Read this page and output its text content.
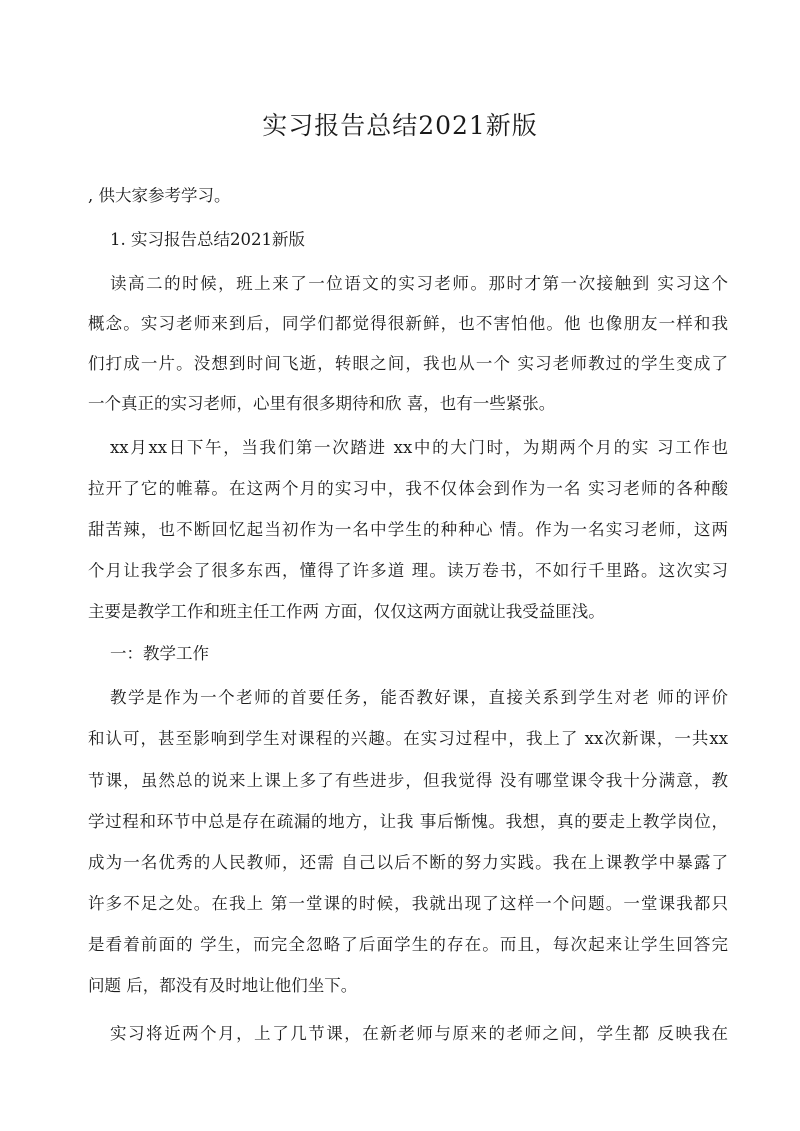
实习报告总结2021新版

, 供大家参考学习。

1. 实习报告总结2021新版

读高二的时候，班上来了一位语文的实习老师。那时才第一次接触到 实习这个

概念。实习老师来到后，同学们都觉得很新鲜，也不害怕他。他 也像朋友一样和我

们打成一片。没想到时间飞逝，转眼之间，我也从一个 实习老师教过的学生变成了

一个真正的实习老师，心里有很多期待和欣 喜，也有一些紧张。

xx月xx日下午，当我们第一次踏进 xx中的大门时，为期两个月的实 习工作也

拉开了它的帷幕。在这两个月的实习中，我不仅体会到作为一名 实习老师的各种酸

甜苦辣，也不断回忆起当初作为一名中学生的种种心 情。作为一名实习老师，这两

个月让我学会了很多东西，懂得了许多道 理。读万卷书，不如行千里路。这次实习

主要是教学工作和班主任工作两 方面，仅仅这两方面就让我受益匪浅。

一：教学工作

教学是作为一个老师的首要任务，能否教好课，直接关系到学生对老 师的评价

和认可，甚至影响到学生对课程的兴趣。在实习过程中，我上了 xx次新课，一共xx

节课，虽然总的说来上课上多了有些进步，但我觉得 没有哪堂课令我十分满意，教

学过程和环节中总是存在疏漏的地方，让我 事后惭愧。我想，真的要走上教学岗位，

成为一名优秀的人民教师，还需 自己以后不断的努力实践。我在上课教学中暴露了

许多不足之处。在我上 第一堂课的时候，我就出现了这样一个问题。一堂课我都只

是看着前面的 学生，而完全忽略了后面学生的存在。而且，每次起来让学生回答完

问题 后，都没有及时地让他们坐下。

实习将近两个月，上了几节课，在新老师与原来的老师之间，学生都 反映我在
